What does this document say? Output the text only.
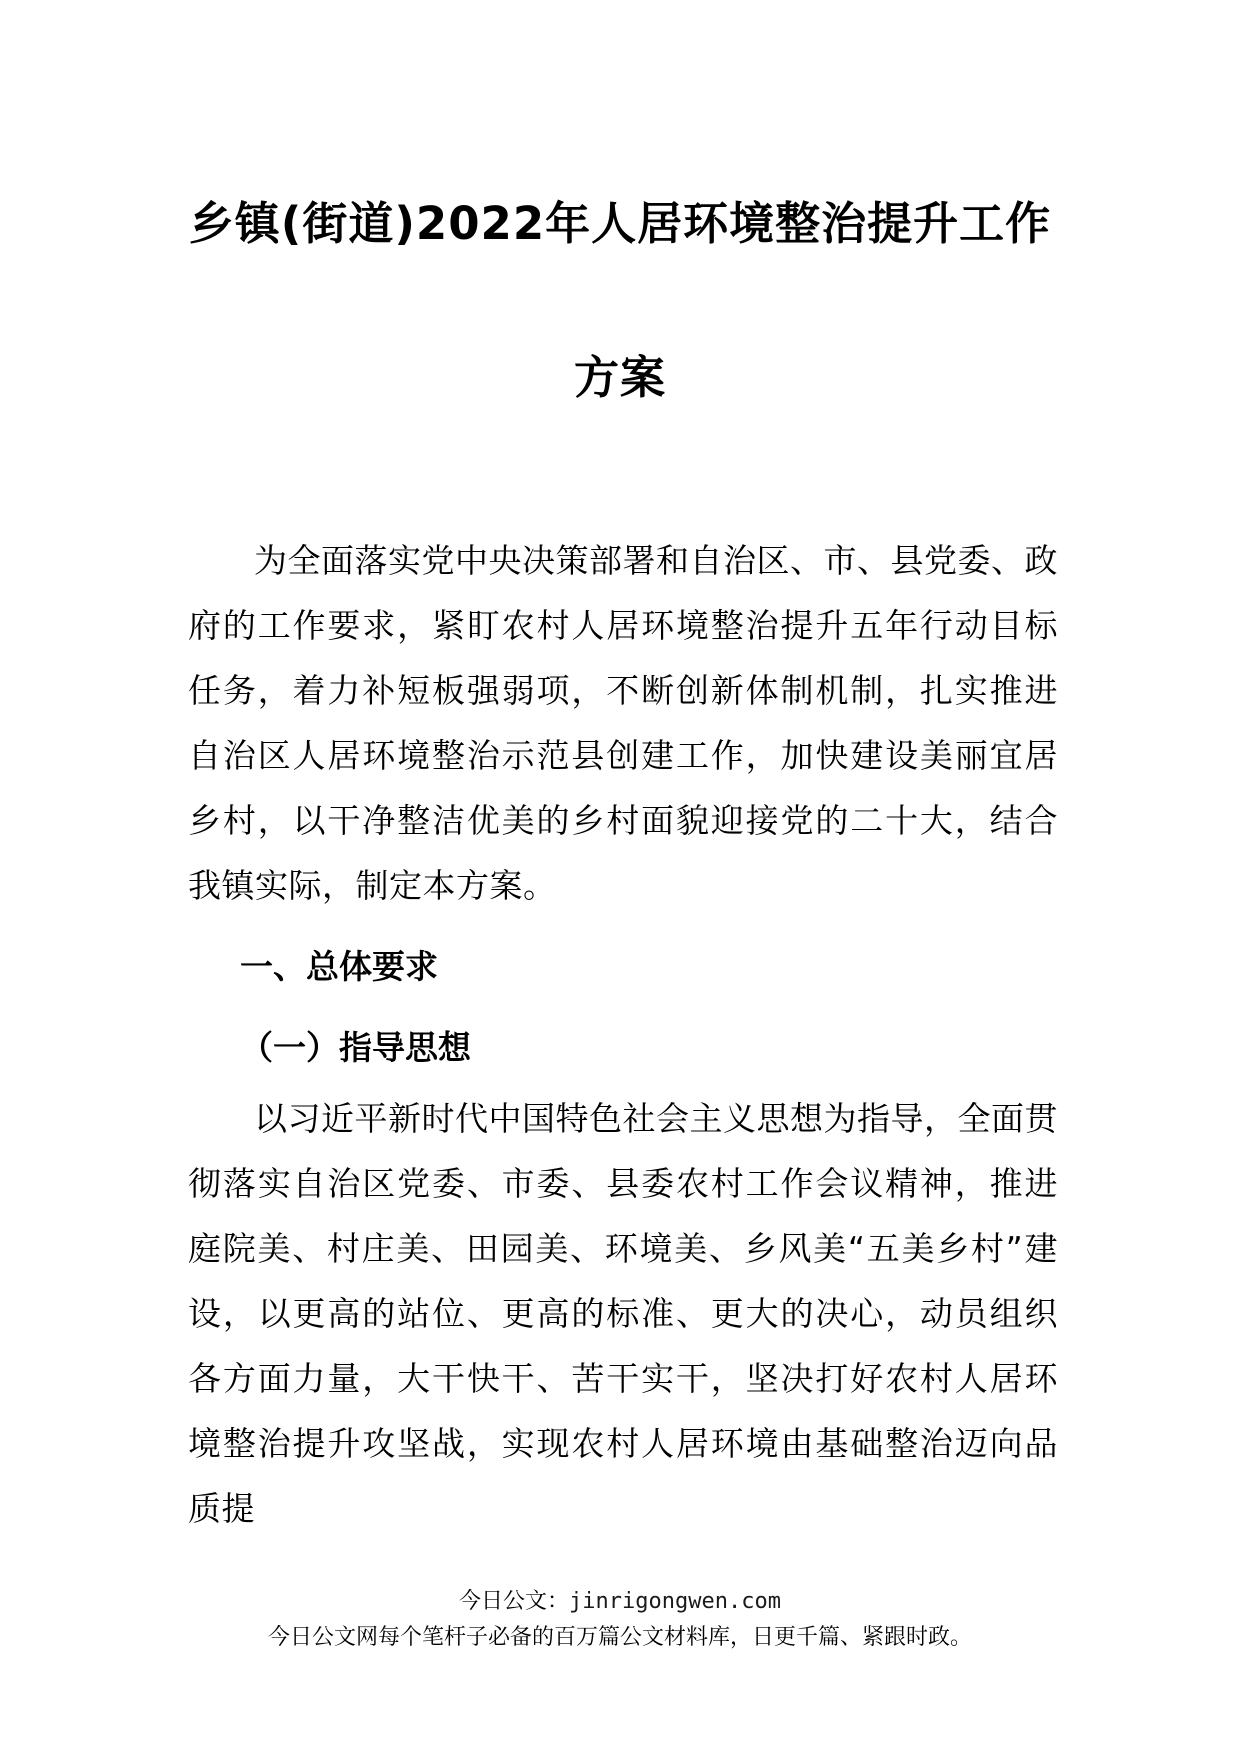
乡镇(街道)2022年人居环境整治提升工作
方案
为全面落实党中央决策部署和自治区、市、县党委、政府的工作要求，紧盯农村人居环境整治提升五年行动目标任务，着力补短板强弱项，不断创新体制机制，扎实推进自治区人居环境整治示范县创建工作，加快建设美丽宜居乡村，以干净整洁优美的乡村面貌迎接党的二十大，结合我镇实际，制定本方案。
一、总体要求
（一）指导思想
以习近平新时代中国特色社会主义思想为指导，全面贯彻落实自治区党委、市委、县委农村工作会议精神，推进庭院美、村庄美、田园美、环境美、乡风美“五美乡村”建设，以更高的站位、更高的标准、更大的决心，动员组织各方面力量，大干快干、苦干实干，坚决打好农村人居环境整治提升攻坚战，实现农村人居环境由基础整治迈向品质提
今日公文：jinrigongwen.com
今日公文网每个笔杆子必备的百万篇公文材料库，日更千篇、紧跟时政。
